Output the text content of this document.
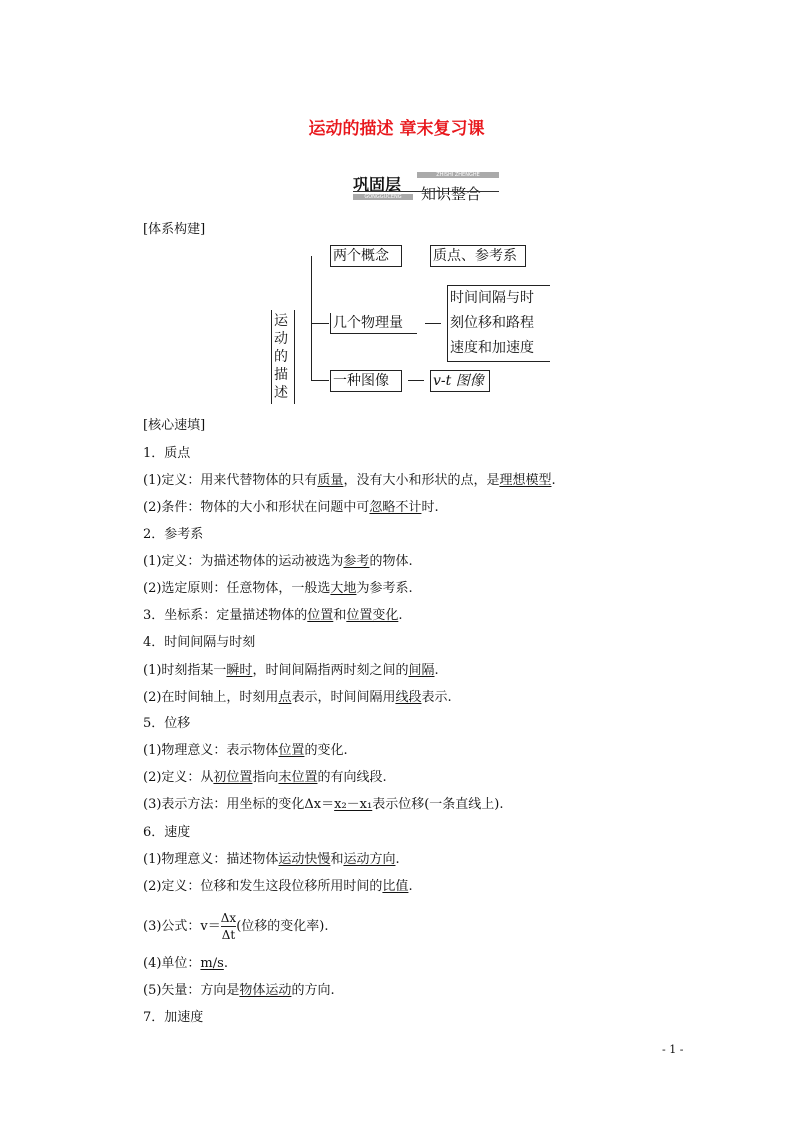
运动的描述 章末复习课
巩固层
GONGGUCENG
ZHISHI ZHENGHE
知识整合
[体系构建]
运动的描述
两个概念	质点、参考系
几个物理量
时间间隔与时
刻位移和路程
速度和加速度
一种图像	v-t 图像
[核心速填]
1．质点
(1)定义：用来代替物体的只有质量，没有大小和形状的点，是理想模型.
(2)条件：物体的大小和形状在问题中可忽略不计时.
2．参考系
(1)定义：为描述物体的运动被选为参考的物体.
(2)选定原则：任意物体，一般选大地为参考系.
3．坐标系：定量描述物体的位置和位置变化.
4．时间间隔与时刻
(1)时刻指某一瞬时，时间间隔指两时刻之间的间隔.
(2)在时间轴上，时刻用点表示，时间间隔用线段表示.
5．位移
(1)物理意义：表示物体位置的变化.
(2)定义：从初位置指向末位置的有向线段.
(3)表示方法：用坐标的变化Δx＝x₂－x₁表示位移(一条直线上).
6．速度
(1)物理意义：描述物体运动快慢和运动方向.
(2)定义：位移和发生这段位移所用时间的比值.
(3)公式：$v= \frac{\Delta x}{\Delta t}$ (位移的变化率).
(4)单位：m/s.
(5)矢量：方向是物体运动的方向.
7．加速度
- 1 -
